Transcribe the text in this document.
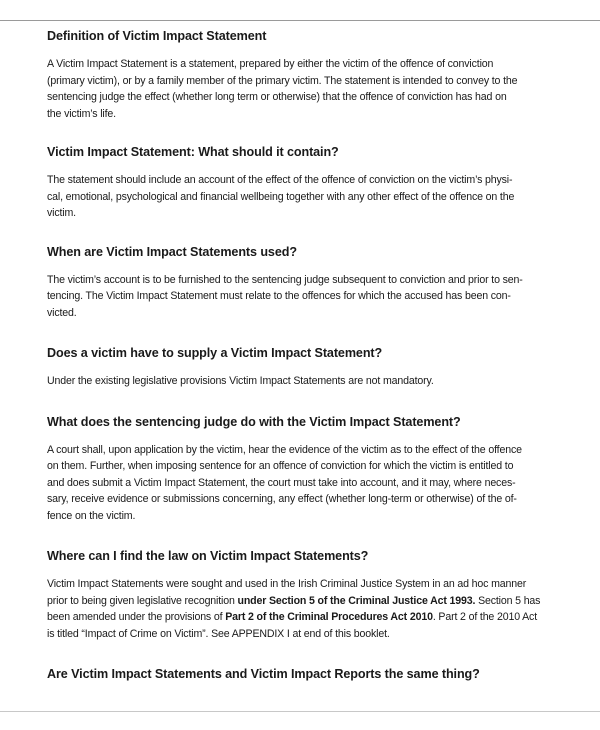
Definition of Victim Impact Statement

A Victim Impact Statement is a statement, prepared by either the victim of the offence of conviction
(primary victim), or by a family member of the primary victim. The statement is intended to convey to the
sentencing judge the effect (whether long term or otherwise) that the offence of conviction has had on
the victim’s life.

Victim Impact Statement: What should it contain?

The statement should include an account of the effect of the offence of conviction on the victim’s physi-
cal, emotional, psychological and financial wellbeing together with any other effect of the offence on the
victim.

When are Victim Impact Statements used?

The victim’s account is to be furnished to the sentencing judge subsequent to conviction and prior to sen-
tencing. The Victim Impact Statement must relate to the offences for which the accused has been con-
victed.

Does a victim have to supply a Victim Impact Statement?

Under the existing legislative provisions Victim Impact Statements are not mandatory.

What does the sentencing judge do with the Victim Impact Statement?

A court shall, upon application by the victim, hear the evidence of the victim as to the effect of the offence
on them. Further, when imposing sentence for an offence of conviction for which the victim is entitled to
and does submit a Victim Impact Statement, the court must take into account, and it may, where neces-
sary, receive evidence or submissions concerning, any effect (whether long-term or otherwise) of the of-
fence on the victim.

Where can I find the law on Victim Impact Statements?

Victim Impact Statements were sought and used in the Irish Criminal Justice System in an ad hoc manner
prior to being given legislative recognition under Section 5 of the Criminal Justice Act 1993. Section 5 has
been amended under the provisions of Part 2 of the Criminal Procedures Act 2010. Part 2 of the 2010 Act
is titled “Impact of Crime on Victim”. See APPENDIX I at end of this booklet.

Are Victim Impact Statements and Victim Impact Reports the same thing?
